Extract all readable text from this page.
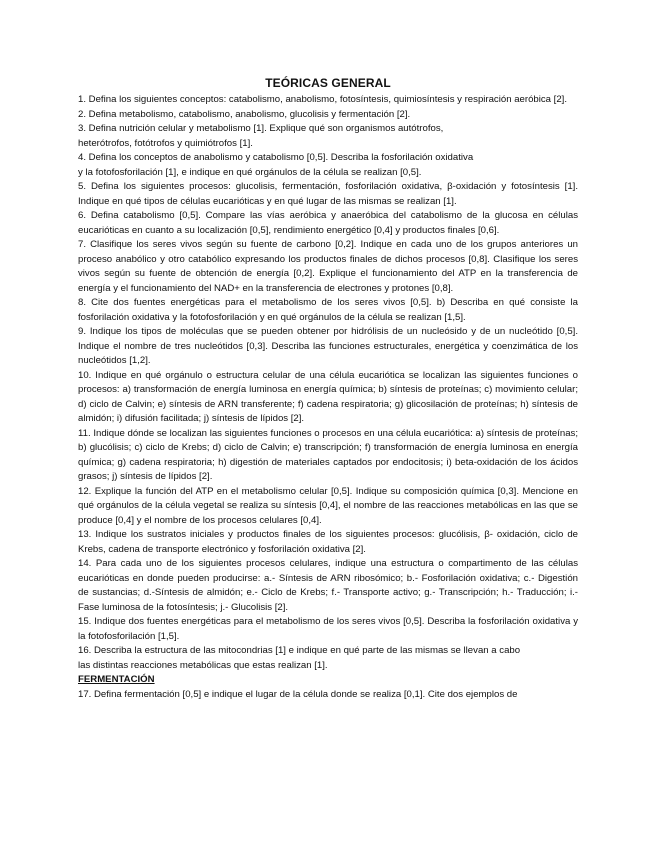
TEÓRICAS GENERAL

1. Defina los siguientes conceptos: catabolismo, anabolismo, fotosíntesis, quimiosíntesis y respiración aeróbica [2].

2. Defina metabolismo, catabolismo, anabolismo, glucolisis y fermentación [2].

3. Defina nutrición celular y metabolismo [1]. Explique qué son organismos autótrofos,
heterótrofos, fotótrofos y quimiótrofos [1].

4. Defina los conceptos de anabolismo y catabolismo [0,5]. Describa la fosforilación oxidativa
y la fotofosforilación [1], e indique en qué orgánulos de la célula se realizan [0,5].

5. Defina los siguientes procesos: glucolisis, fermentación, fosforilación oxidativa, β-oxidación y fotosíntesis [1]. Indique en qué tipos de células eucarióticas y en qué lugar de las mismas se realizan [1].

6. Defina catabolismo [0,5]. Compare las vías aeróbica y anaeróbica del catabolismo de la glucosa en células eucarióticas en cuanto a su localización [0,5], rendimiento energético [0,4] y productos finales [0,6].

7. Clasifique los seres vivos según su fuente de carbono [0,2]. Indique en cada uno de los grupos anteriores un proceso anabólico y otro catabólico expresando los productos finales de dichos procesos [0,8]. Clasifique los seres vivos según su fuente de obtención de energía [0,2]. Explique el funcionamiento del ATP en la transferencia de energía y el funcionamiento del NAD+ en la transferencia de electrones y protones [0,8].

8. Cite dos fuentes energéticas para el metabolismo de los seres vivos [0,5]. b) Describa en qué consiste la fosforilación oxidativa y la fotofosforilación y en qué orgánulos de la célula se realizan [1,5].

9. Indique los tipos de moléculas que se pueden obtener por hidrólisis de un nucleósido y de un nucleótido [0,5]. Indique el nombre de tres nucleótidos [0,3]. Describa las funciones estructurales, energética y coenzimática de los nucleótidos [1,2].

10. Indique en qué orgánulo o estructura celular de una célula eucariótica se localizan las siguientes funciones o procesos: a) transformación de energía luminosa en energía química; b) síntesis de proteínas; c) movimiento celular; d) ciclo de Calvin; e) síntesis de ARN transferente; f) cadena respiratoria; g) glicosilación de proteínas; h) síntesis de almidón; i) difusión facilitada; j) síntesis de lípidos [2].

11. Indique dónde se localizan las siguientes funciones o procesos en una célula eucariótica: a) síntesis de proteínas; b) glucólisis; c) ciclo de Krebs; d) ciclo de Calvin; e) transcripción; f) transformación de energía luminosa en energía química; g) cadena respiratoria; h) digestión de materiales captados por endocitosis; i) beta-oxidación de los ácidos grasos; j) síntesis de lípidos [2].

12. Explique la función del ATP en el metabolismo celular [0,5]. Indique su composición química [0,3]. Mencione en qué orgánulos de la célula vegetal se realiza su síntesis [0,4], el nombre de las reacciones metabólicas en las que se produce [0,4] y el nombre de los procesos celulares [0,4].

13. Indique los sustratos iniciales y productos finales de los siguientes procesos: glucólisis, β- oxidación, ciclo de Krebs, cadena de transporte electrónico y fosforilación oxidativa [2].

14. Para cada uno de los siguientes procesos celulares, indique una estructura o compartimento de las células eucarióticas en donde pueden producirse: a.- Síntesis de ARN ribosómico; b.- Fosforilación oxidativa; c.- Digestión de sustancias; d.-Síntesis de almidón; e.- Ciclo de Krebs; f.- Transporte activo; g.- Transcripción; h.- Traducción; i.- Fase luminosa de la fotosíntesis; j.- Glucolisis [2].

15. Indique dos fuentes energéticas para el metabolismo de los seres vivos [0,5]. Describa la fosforilación oxidativa y la fotofosforilación [1,5].

16. Describa la estructura de las mitocondrias [1] e indique en qué parte de las mismas se llevan a cabo
las distintas reacciones metabólicas que estas realizan [1].

FERMENTACIÓN

17. Defina fermentación [0,5] e indique el lugar de la célula donde se realiza [0,1]. Cite dos ejemplos de
